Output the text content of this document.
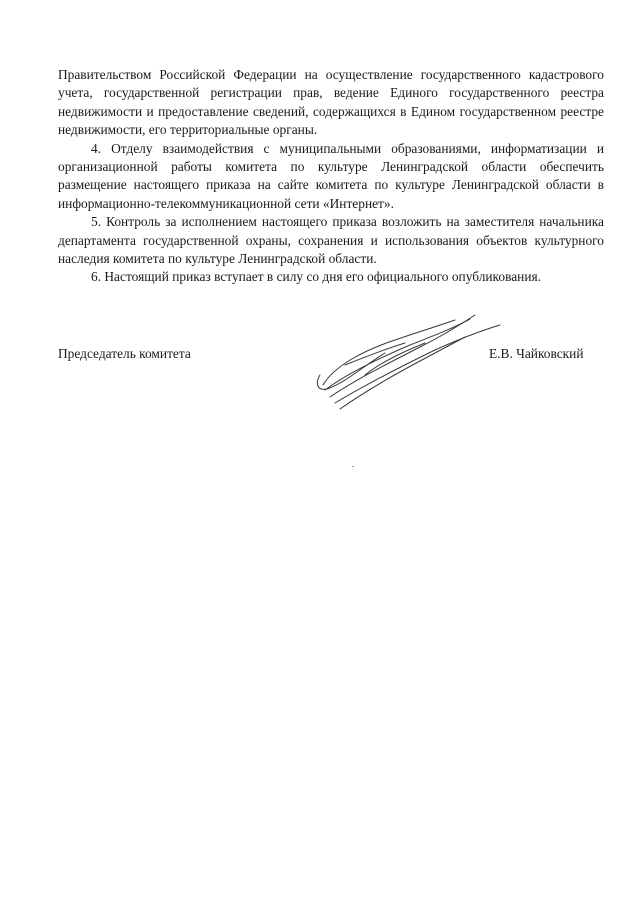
Правительством Российской Федерации на осуществление государственного кадастрового учета, государственной регистрации прав, ведение Единого государственного реестра недвижимости и предоставление сведений, содержащихся в Едином государственном реестре недвижимости, его территориальные органы.

4. Отделу взаимодействия с муниципальными образованиями, информатизации и организационной работы комитета по культуре Ленинградской области обеспечить размещение настоящего приказа на сайте комитета по культуре Ленинградской области в информационно-телекоммуникационной сети «Интернет».

5. Контроль за исполнением настоящего приказа возложить на заместителя начальника департамента государственной охраны, сохранения и использования объектов культурного наследия комитета по культуре Ленинградской области.

6. Настоящий приказ вступает в силу со дня его официального опубликования.

Председатель комитета	Е.В. Чайковский
